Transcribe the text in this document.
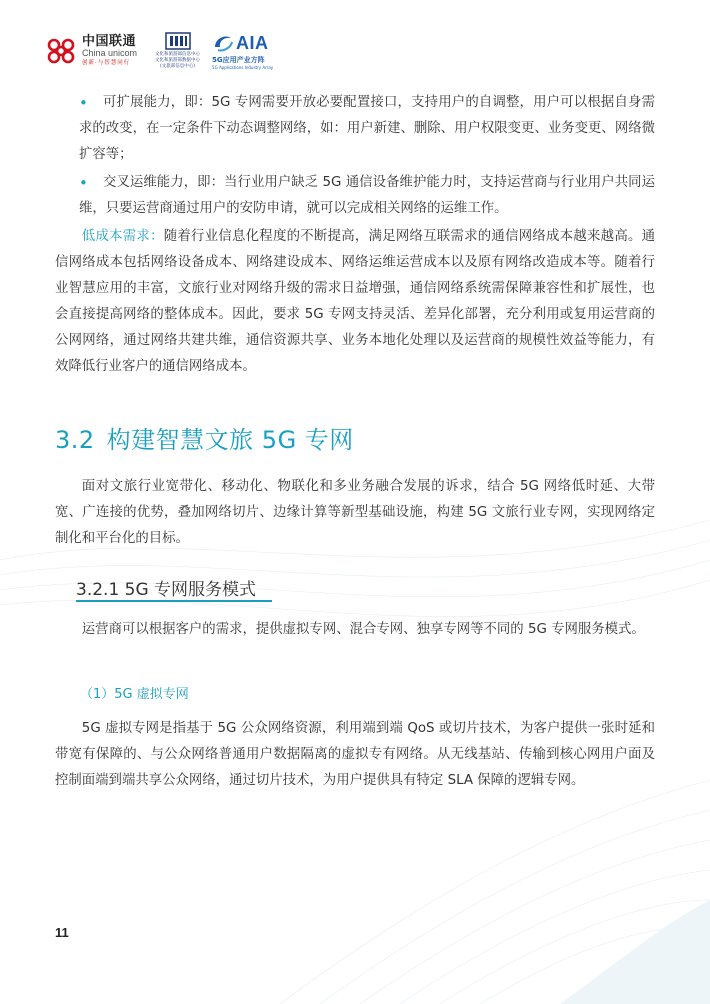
中国联通
China unicom
创新·与智慧同行
文化和旅游部信息中心
文化和旅游部数据中心
(文旅部信息中心)
AIA
5G应用产业方阵
5G Applications Industry Array
•	可扩展能力，即：5G 专网需要开放必要配置接口，支持用户的自调整，用户可以根据自身需求的改变，在一定条件下动态调整网络，如：用户新建、删除、用户权限变更、业务变更、网络微扩容等；
•	交叉运维能力，即：当行业用户缺乏 5G 通信设备维护能力时，支持运营商与行业用户共同运维，只要运营商通过用户的安防申请，就可以完成相关网络的运维工作。
低成本需求：随着行业信息化程度的不断提高，满足网络互联需求的通信网络成本越来越高。通信网络成本包括网络设备成本、网络建设成本、网络运维运营成本以及原有网络改造成本等。随着行业智慧应用的丰富，文旅行业对网络升级的需求日益增强，通信网络系统需保障兼容性和扩展性，也会直接提高网络的整体成本。因此，要求 5G 专网支持灵活、差异化部署，充分利用或复用运营商的公网网络，通过网络共建共维，通信资源共享、业务本地化处理以及运营商的规模性效益等能力，有效降低行业客户的通信网络成本。
3.2 构建智慧文旅 5G 专网
面对文旅行业宽带化、移动化、物联化和多业务融合发展的诉求，结合 5G 网络低时延、大带宽、广连接的优势，叠加网络切片、边缘计算等新型基础设施，构建 5G 文旅行业专网，实现网络定制化和平台化的目标。
3.2.1 5G 专网服务模式
运营商可以根据客户的需求，提供虚拟专网、混合专网、独享专网等不同的 5G 专网服务模式。
（1）5G 虚拟专网
5G 虚拟专网是指基于 5G 公众网络资源，利用端到端 QoS 或切片技术，为客户提供一张时延和带宽有保障的、与公众网络普通用户数据隔离的虚拟专有网络。从无线基站、传输到核心网用户面及控制面端到端共享公众网络，通过切片技术，为用户提供具有特定 SLA 保障的逻辑专网。
11
